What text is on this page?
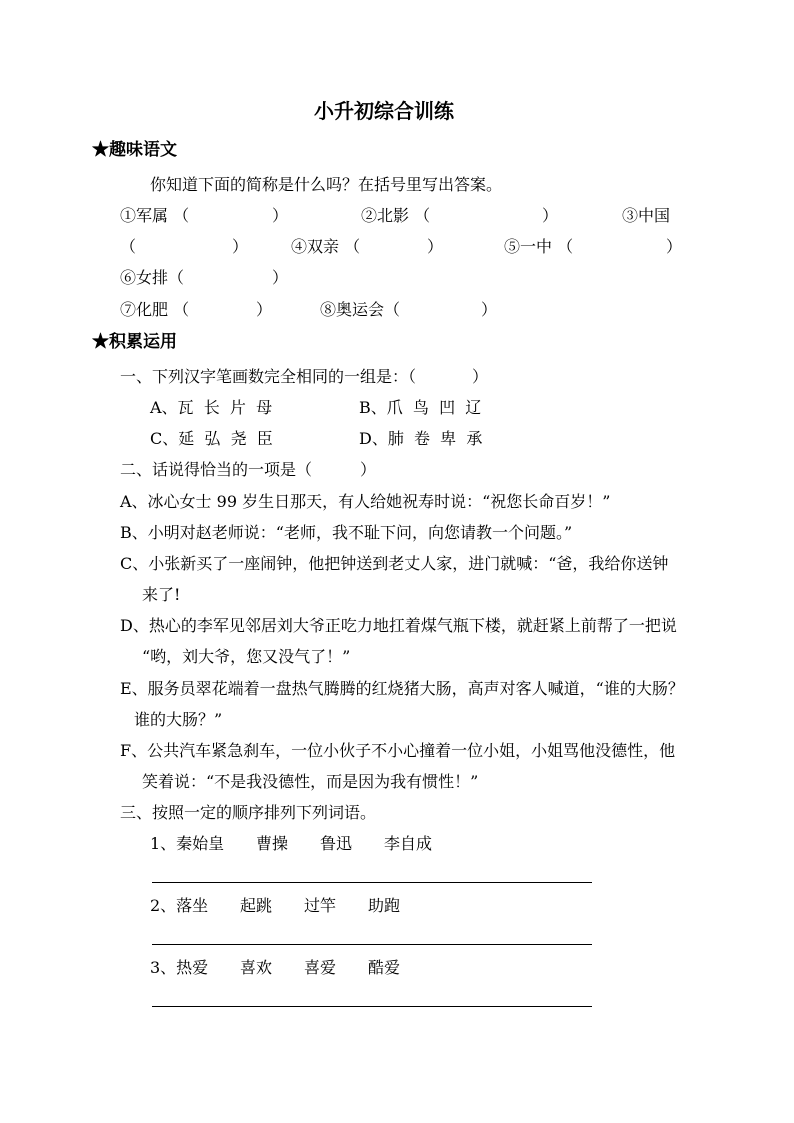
小升初综合训练
★趣味语文
你知道下面的简称是什么吗？在括号里写出答案。
①军属 （	）	②北影 （	）	③中国
（	）	④双亲 （	）	⑤一中 （	）
⑥女排（	）
⑦化肥 （	）	⑧奥运会（	）
★积累运用
一、下列汉字笔画数完全相同的一组是：（	）
A、瓦  长  片  母	B、爪  鸟  凹  辽
C、延  弘  尧  臣	D、肺  卷  卑  承
二、话说得恰当的一项是（	）
A、冰心女士 99 岁生日那天，有人给她祝寿时说：“祝您长命百岁！”
B、小明对赵老师说：“老师，我不耻下问，向您请教一个问题。”
C、小张新买了一座闹钟，他把钟送到老丈人家，进门就喊：“爸，我给你送钟
来了!
D、热心的李军见邻居刘大爷正吃力地扛着煤气瓶下楼，就赶紧上前帮了一把说
“哟，刘大爷，您又没气了！”
E、服务员翠花端着一盘热气腾腾的红烧猪大肠，高声对客人喊道，“谁的大肠？
谁的大肠？”
F、公共汽车紧急刹车，一位小伙子不小心撞着一位小姐，小姐骂他没德性，他
笑着说：“不是我没德性，而是因为我有惯性！”
三、按照一定的顺序排列下列词语。
1、秦始皇 曹操 鲁迅 李自成
2、落坐 起跳 过竿 助跑
3、热爱 喜欢 喜爱 酷爱
